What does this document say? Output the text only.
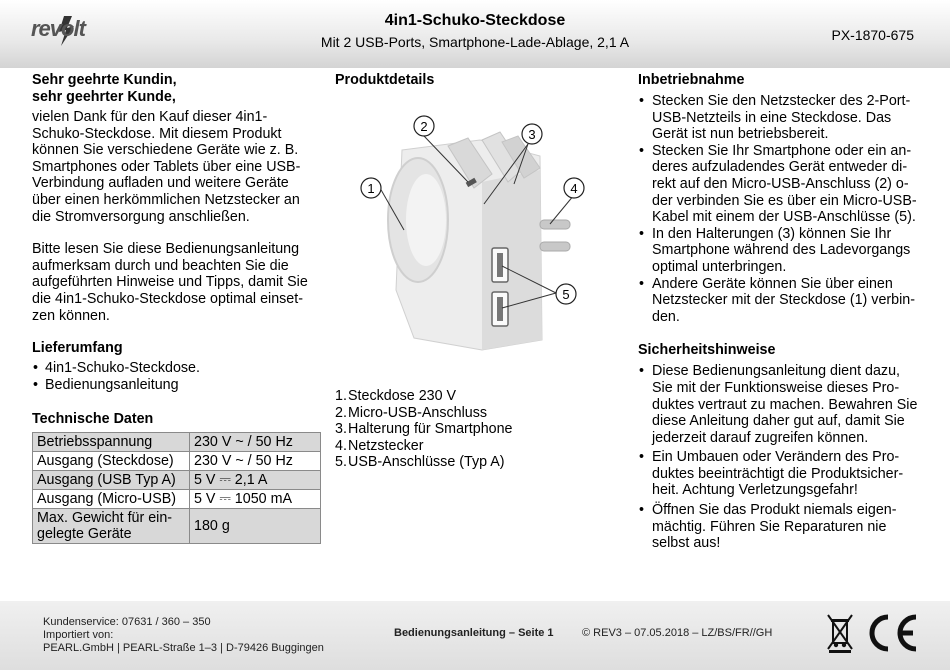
revolt	4in1-Schuko-Steckdose
Mit 2 USB-Ports, Smartphone-Lade-Ablage, 2,1 A	PX-1870-675
Sehr geehrte Kundin,
sehr geehrter Kunde,

vielen Dank für den Kauf dieser 4in1-
Schuko-Steckdose. Mit diesem Produkt
können Sie verschiedene Geräte wie z. B.
Smartphones oder Tablets über eine USB-
Verbindung aufladen und weitere Geräte
über einen herkömmlichen Netzstecker an
die Stromversorgung anschließen.

Bitte lesen Sie diese Bedienungsanleitung
aufmerksam durch und beachten Sie die
aufgeführten Hinweise und Tipps, damit Sie
die 4in1-Schuko-Steckdose optimal einset-
zen können.

Lieferumfang
• 4in1-Schuko-Steckdose.
• Bedienungsanleitung
Technische Daten
Betriebsspannung	230 V ~ / 50 Hz
Ausgang (Steckdose)	230 V ~ / 50 Hz
Ausgang (USB Typ A)	5 V ⎓ 2,1 A
Ausgang (Micro-USB)	5 V ⎓ 1050 mA
Max. Gewicht für ein-
gelegte Geräte	180 g
Produktdetails
1
2
3
4
5
1.Steckdose 230 V
2.Micro-USB-Anschluss
3.Halterung für Smartphone
4.Netzstecker
5.USB-Anschlüsse (Typ A)
Inbetriebnahme
• Stecken Sie den Netzstecker des 2-Port-
USB-Netzteils in eine Steckdose. Das
Gerät ist nun betriebsbereit.
• Stecken Sie Ihr Smartphone oder ein an-
deres aufzuladendes Gerät entweder di-
rekt auf den Micro-USB-Anschluss (2) o-
der verbinden Sie es über ein Micro-USB-
Kabel mit einem der USB-Anschlüsse (5).
• In den Halterungen (3) können Sie Ihr
Smartphone während des Ladevorgangs
optimal unterbringen.
• Andere Geräte können Sie über einen
Netzstecker mit der Steckdose (1) verbin-
den.
Sicherheitshinweise
• Diese Bedienungsanleitung dient dazu,
Sie mit der Funktionsweise dieses Pro-
duktes vertraut zu machen. Bewahren Sie
diese Anleitung daher gut auf, damit Sie
jederzeit darauf zugreifen können.
• Ein Umbauen oder Verändern des Pro-
duktes beeinträchtigt die Produktsicher-
heit. Achtung Verletzungsgefahr!
• Öffnen Sie das Produkt niemals eigen-
mächtig. Führen Sie Reparaturen nie
selbst aus!
Kundenservice: 07631 / 360 – 350
Importiert von:
PEARL.GmbH | PEARL-Straße 1–3 | D-79426 Buggingen
Bedienungsanleitung – Seite 1	© REV3 – 07.05.2018 – LZ/BS/FR//GH
